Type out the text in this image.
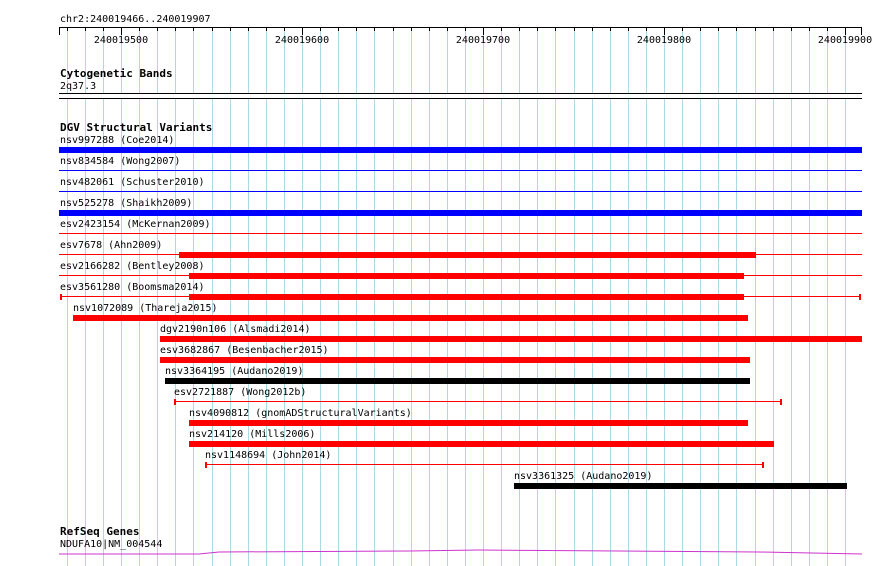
chr2:240019466..240019907
240019500	240019600	240019700	240019800	240019900
Cytogenetic Bands
2q37.3
DGV Structural Variants
nsv997288 (Coe2014)
nsv834584 (Wong2007)
nsv482061 (Schuster2010)
nsv525278 (Shaikh2009)
esv2423154 (McKernan2009)
esv7678 (Ahn2009)
esv2166282 (Bentley2008)
esv3561280 (Boomsma2014)
nsv1072089 (Thareja2015)
dgv2190n106 (Alsmadi2014)
esv3682867 (Besenbacher2015)
nsv3364195 (Audano2019)
esv2721887 (Wong2012b)
nsv4090812 (gnomADStructuralVariants)
nsv214120 (Mills2006)
nsv1148694 (John2014)
nsv3361325 (Audano2019)
RefSeq Genes
NDUFA10|NM_004544
